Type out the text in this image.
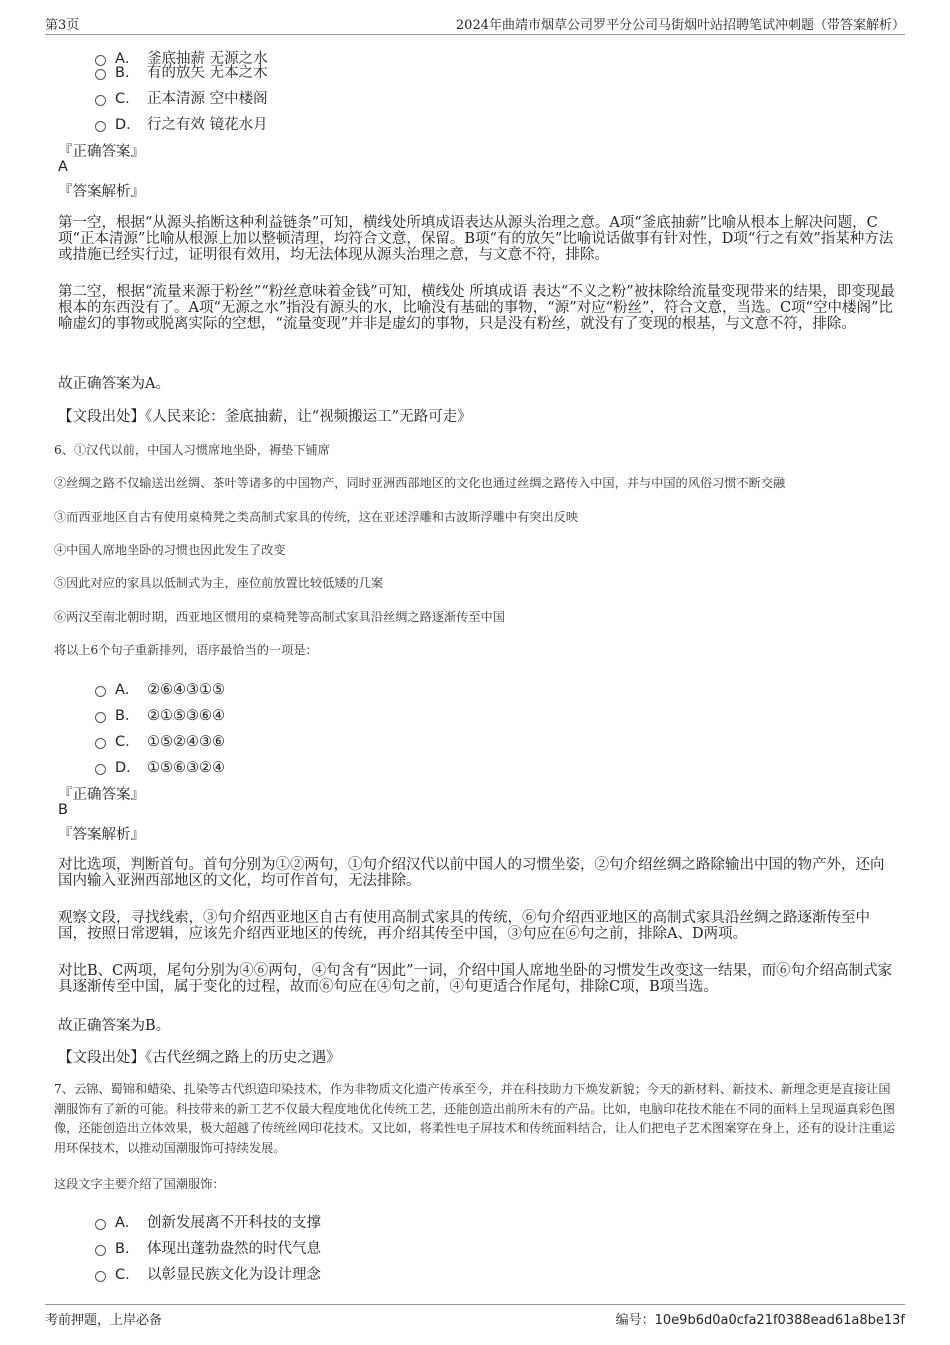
第3页	2024年曲靖市烟草公司罗平分公司马街烟叶站招聘笔试冲刺题（带答案解析）
A． 釜底抽薪 无源之水
B． 有的放矢 无本之木
C． 正本清源 空中楼阁
D． 行之有效 镜花水月
『正确答案』
A
『答案解析』
第一空，根据“从源头掐断这种利益链条”可知，横线处所填成语表达从源头治理之意。A项“釜底抽薪”比喻从根本上解决问题，C项“正本清源”比喻从根源上加以整顿清理，均符合文意，保留。B项“有的放矢”比喻说话做事有针对性，D项“行之有效”指某种方法或措施已经实行过，证明很有效用，均无法体现从源头治理之意，与文意不符，排除。
第二空，根据“流量来源于粉丝”“粉丝意味着金钱”可知，横线处 所填成语 表达“不义之粉”被抹除给流量变现带来的结果，即变现最根本的东西没有了。A项“无源之水”指没有源头的水，比喻没有基础的事物，“源”对应“粉丝”，符合文意，当选。C项“空中楼阁”比喻虚幻的事物或脱离实际的空想，“流量变现”并非是虚幻的事物，只是没有粉丝，就没有了变现的根基，与文意不符，排除。
故正确答案为A。
【文段出处】《人民来论：釜底抽薪，让“视频搬运工”无路可走》
6、①汉代以前，中国人习惯席地坐卧，褥垫下铺席
②丝绸之路不仅输送出丝绸、茶叶等诸多的中国物产，同时亚洲西部地区的文化也通过丝绸之路传入中国，并与中国的风俗习惯不断交融
③而西亚地区自古有使用桌椅凳之类高制式家具的传统，这在亚述浮雕和古波斯浮雕中有突出反映
④中国人席地坐卧的习惯也因此发生了改变
⑤因此对应的家具以低制式为主，座位前放置比较低矮的几案
⑥两汉至南北朝时期，西亚地区惯用的桌椅凳等高制式家具沿丝绸之路逐渐传至中国
将以上6个句子重新排列，语序最恰当的一项是：
A． ②⑥④③①⑤
B． ②①⑤③⑥④
C． ①⑤②④③⑥
D． ①⑤⑥③②④
『正确答案』
B
『答案解析』
对比选项，判断首句。首句分别为①②两句，①句介绍汉代以前中国人的习惯坐姿，②句介绍丝绸之路除输出中国的物产外，还向国内输入亚洲西部地区的文化，均可作首句，无法排除。
观察文段，寻找线索，③句介绍西亚地区自古有使用高制式家具的传统，⑥句介绍西亚地区的高制式家具沿丝绸之路逐渐传至中国，按照日常逻辑，应该先介绍西亚地区的传统，再介绍其传至中国，③句应在⑥句之前，排除A、D两项。
对比B、C两项，尾句分别为④⑥两句，④句含有“因此”一词，介绍中国人席地坐卧的习惯发生改变这一结果，而⑥句介绍高制式家具逐渐传至中国，属于变化的过程，故而⑥句应在④句之前，④句更适合作尾句，排除C项，B项当选。
故正确答案为B。
【文段出处】《古代丝绸之路上的历史之遇》
7、云锦、蜀锦和蜡染、扎染等古代织造印染技术，作为非物质文化遗产传承至今，并在科技助力下焕发新貌；今天的新材料、新技术、新理念更是直接让国潮服饰有了新的可能。科技带来的新工艺不仅最大程度地优化传统工艺，还能创造出前所未有的产品。比如，电脑印花技术能在不同的面料上呈现逼真彩色图像，还能创造出立体效果，极大超越了传统丝网印花技术。又比如，将柔性电子屏技术和传统面料结合，让人们把电子艺术图案穿在身上，还有的设计注重运用环保技术，以推动国潮服饰可持续发展。
这段文字主要介绍了国潮服饰：
A． 创新发展离不开科技的支撑
B． 体现出蓬勃盎然的时代气息
C． 以彰显民族文化为设计理念
考前押题，上岸必备	编号：10e9b6d0a0cfa21f0388ead61a8be13f
